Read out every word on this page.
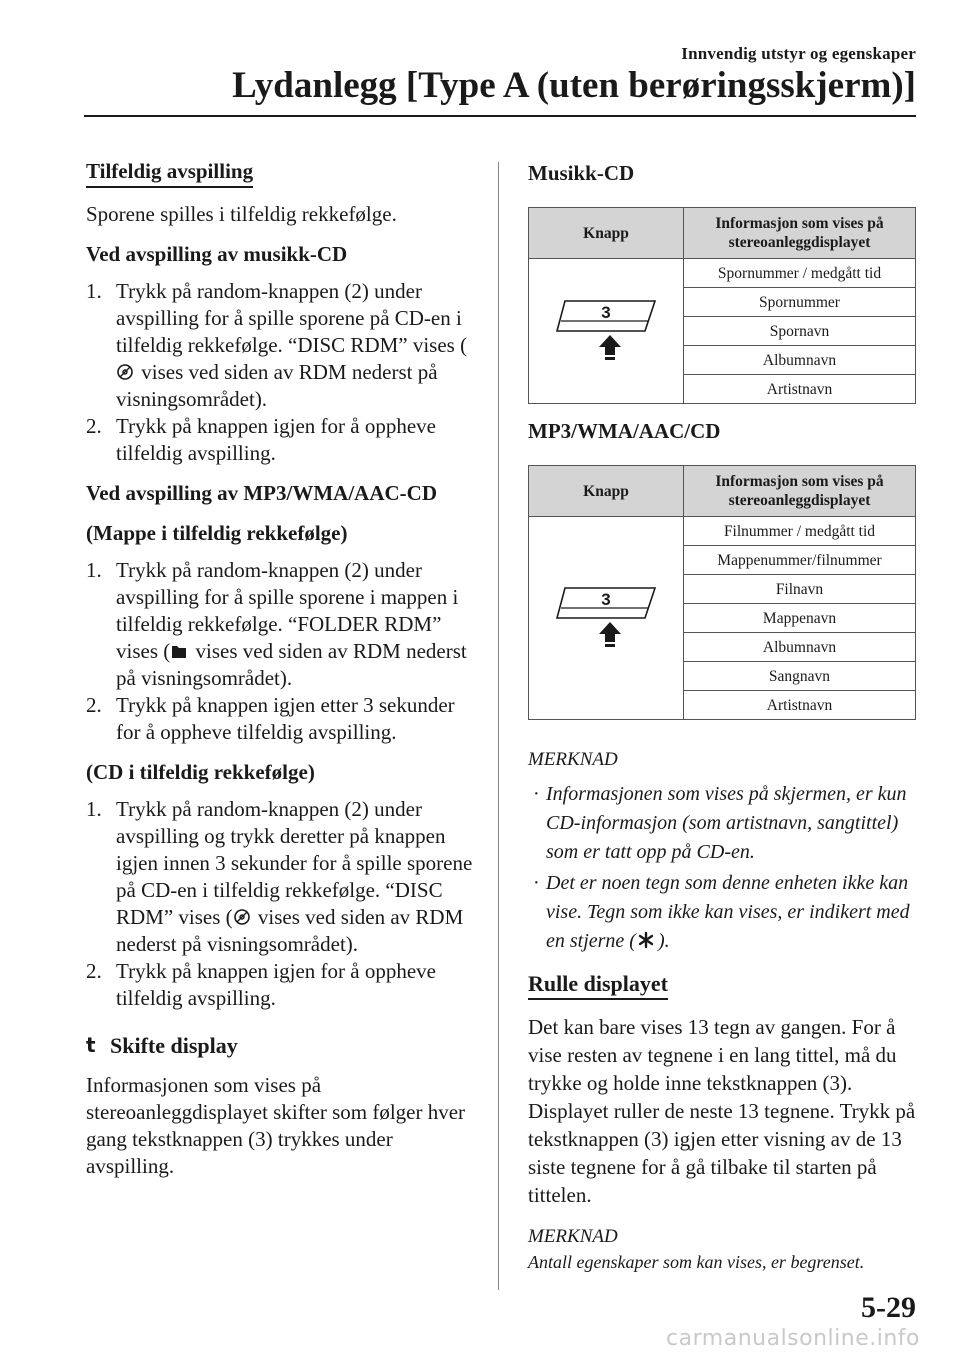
Innvendig utstyr og egenskaper
Lydanlegg [Type A (uten berøringsskjerm)]
Tilfeldig avspilling

Sporene spilles i tilfeldig rekkefølge.

Ved avspilling av musikk-CD

1. Trykk på random-knappen (2) under avspilling for å spille sporene på CD-en i tilfeldig rekkefølge. “DISC RDM” vises ( vises ved siden av RDM nederst på visningsområdet).
2. Trykk på knappen igjen for å oppheve tilfeldig avspilling.

Ved avspilling av MP3/WMA/AAC-CD

(Mappe i tilfeldig rekkefølge)

1. Trykk på random-knappen (2) under avspilling for å spille sporene i mappen i tilfeldig rekkefølge. “FOLDER RDM” vises ( vises ved siden av RDM nederst på visningsområdet).
2. Trykk på knappen igjen etter 3 sekunder for å oppheve tilfeldig avspilling.

(CD i tilfeldig rekkefølge)

1. Trykk på random-knappen (2) under avspilling og trykk deretter på knappen igjen innen 3 sekunder for å spille sporene på CD-en i tilfeldig rekkefølge. “DISC RDM” vises ( vises ved siden av RDM nederst på visningsområdet).
2. Trykk på knappen igjen for å oppheve tilfeldig avspilling.
t Skifte display

Informasjonen som vises på stereoanleggdisplayet skifter som følger hver gang tekstknappen (3) trykkes under avspilling.

Musikk-CD

Knapp	Informasjon som vises på stereoanleggdisplayet

3	Spornummer / medgått tid
	Spornummer
	Spornavn
	Albumnavn
	Artistnavn

MP3/WMA/AAC/CD

Knapp	Informasjon som vises på stereoanleggdisplayet

3	Filnummer / medgått tid
	Mappenummer/filnummer
	Filnavn
	Mappenavn
	Albumnavn
	Sangnavn
	Artistnavn

MERKNAD

· Informasjonen som vises på skjermen, er kun CD-informasjon (som artistnavn, sangtittel) som er tatt opp på CD-en.
· Det er noen tegn som denne enheten ikke kan vise. Tegn som ikke kan vises, er indikert med en stjerne ( ).
Rulle displayet

Det kan bare vises 13 tegn av gangen. For å vise resten av tegnene i en lang tittel, må du trykke og holde inne tekstknappen (3). Displayet ruller de neste 13 tegnene. Trykk på tekstknappen (3) igjen etter visning av de 13 siste tegnene for å gå tilbake til starten på tittelen.

MERKNAD

Antall egenskaper som kan vises, er begrenset.

5-29
carmanualsonline.info
